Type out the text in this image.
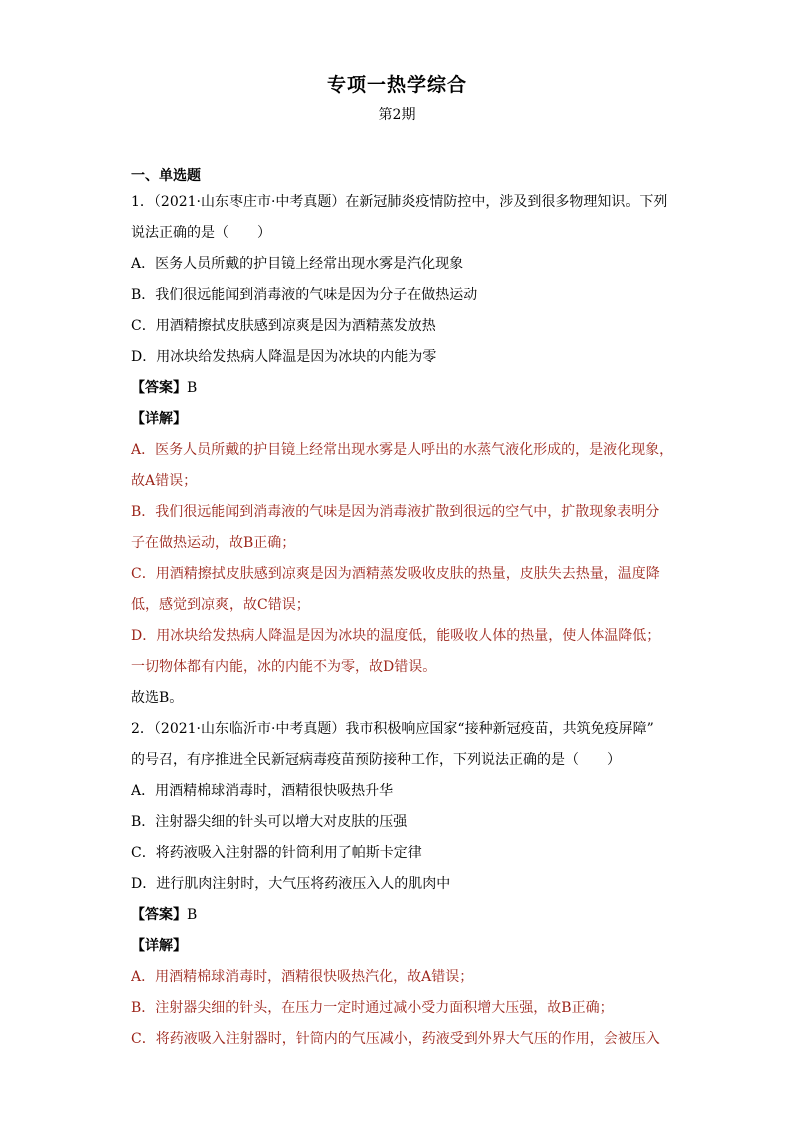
专项一热学综合
第2期
一、单选题
1．（2021·山东枣庄市·中考真题）在新冠肺炎疫情防控中，涉及到很多物理知识。下列
说法正确的是（　　）
A．医务人员所戴的护目镜上经常出现水雾是汽化现象
B．我们很远能闻到消毒液的气味是因为分子在做热运动
C．用酒精擦拭皮肤感到凉爽是因为酒精蒸发放热
D．用冰块给发热病人降温是因为冰块的内能为零
【答案】B
【详解】
A．医务人员所戴的护目镜上经常出现水雾是人呼出的水蒸气液化形成的，是液化现象，
故A错误；
B．我们很远能闻到消毒液的气味是因为消毒液扩散到很远的空气中，扩散现象表明分
子在做热运动，故B正确；
C．用酒精擦拭皮肤感到凉爽是因为酒精蒸发吸收皮肤的热量，皮肤失去热量，温度降
低，感觉到凉爽，故C错误；
D．用冰块给发热病人降温是因为冰块的温度低，能吸收人体的热量，使人体温降低；
一切物体都有内能，冰的内能不为零，故D错误。
故选B。
2．（2021·山东临沂市·中考真题）我市积极响应国家“接种新冠疫苗，共筑免疫屏障”
的号召，有序推进全民新冠病毒疫苗预防接种工作，下列说法正确的是（　　）
A．用酒精棉球消毒时，酒精很快吸热升华
B．注射器尖细的针头可以增大对皮肤的压强
C．将药液吸入注射器的针筒利用了帕斯卡定律
D．进行肌肉注射时，大气压将药液压入人的肌肉中
【答案】B
【详解】
A．用酒精棉球消毒时，酒精很快吸热汽化，故A错误；
B．注射器尖细的针头，在压力一定时通过减小受力面积增大压强，故B正确；
C．将药液吸入注射器时，针筒内的气压减小，药液受到外界大气压的作用，会被压入
